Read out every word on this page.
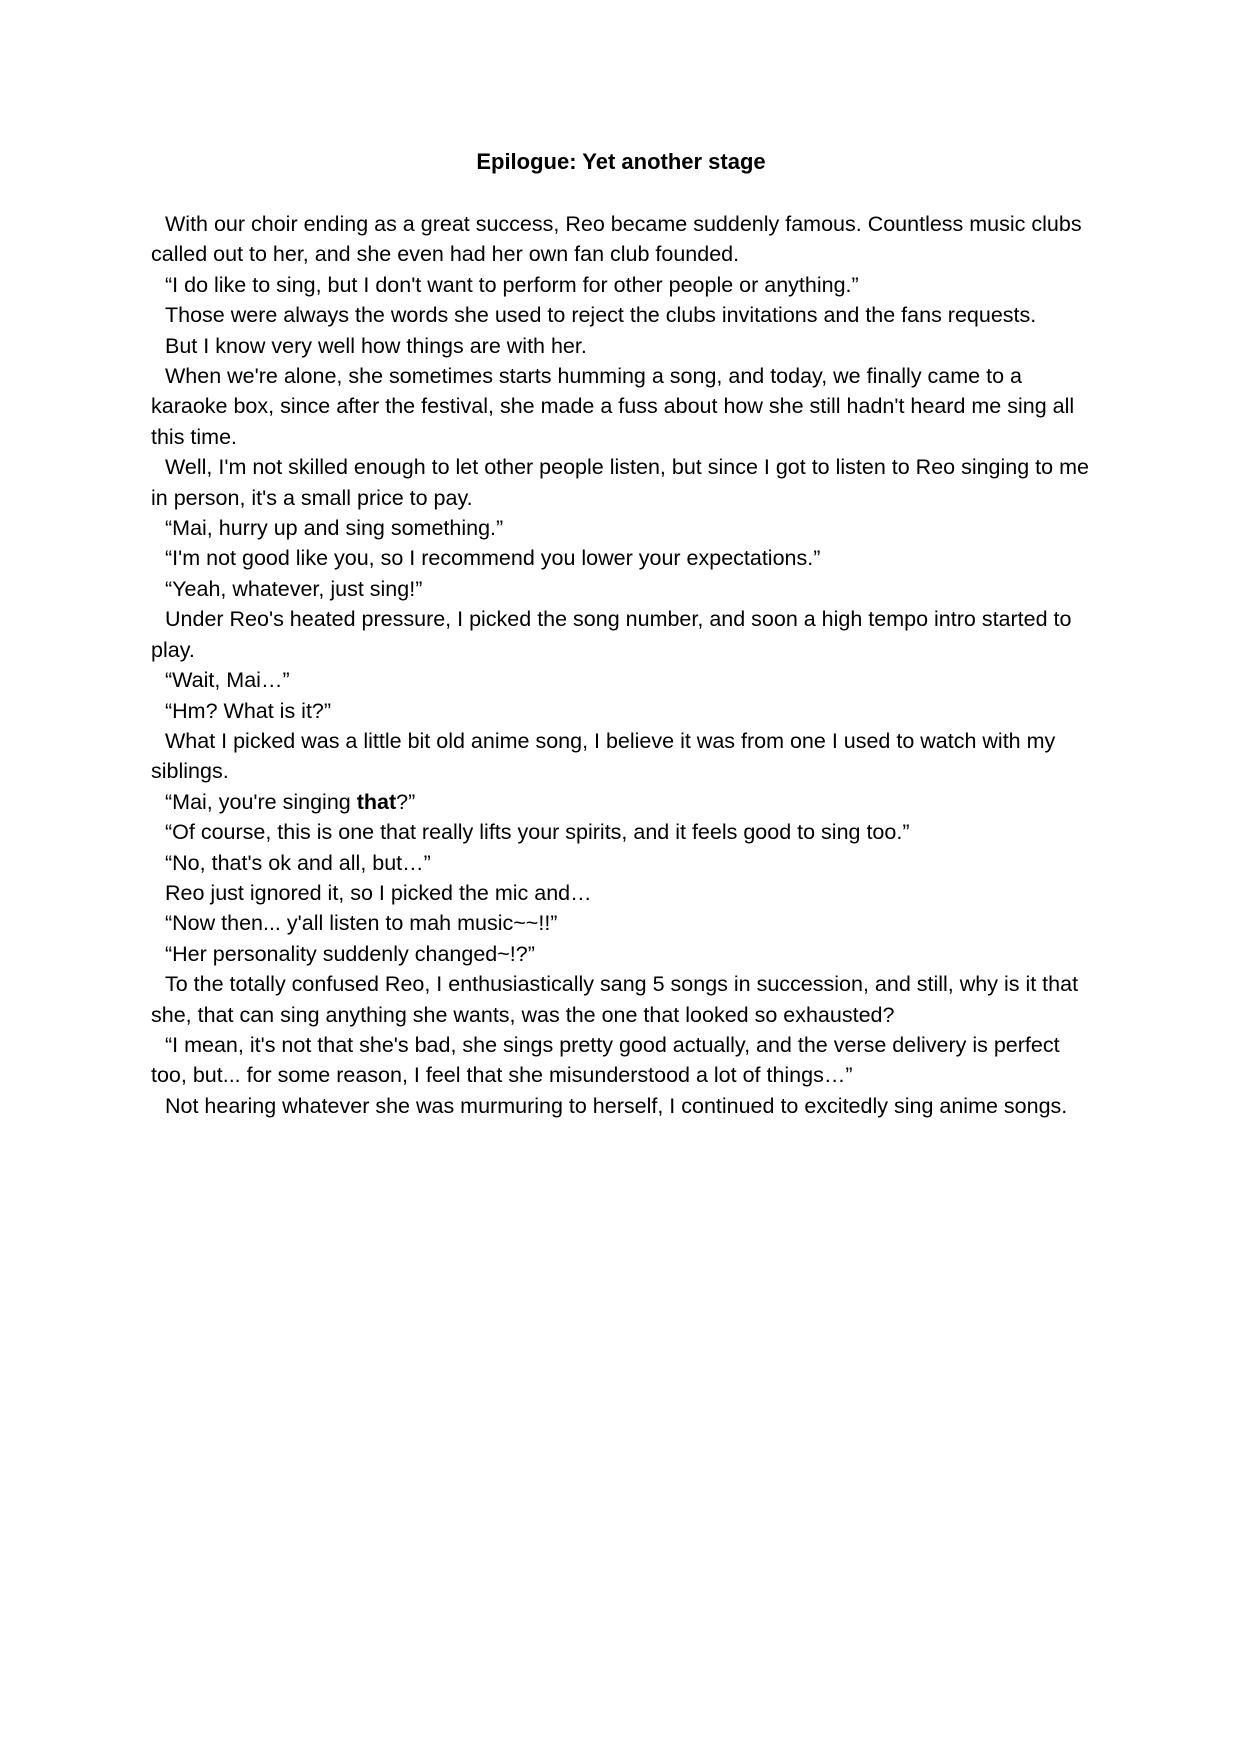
Epilogue: Yet another stage

With our choir ending as a great success, Reo became suddenly famous. Countless music clubs called out to her, and she even had her own fan club founded.

“I do like to sing, but I don't want to perform for other people or anything.”

Those were always the words she used to reject the clubs invitations and the fans requests.

But I know very well how things are with her.

When we're alone, she sometimes starts humming a song, and today, we finally came to a karaoke box, since after the festival, she made a fuss about how she still hadn't heard me sing all this time.

Well, I'm not skilled enough to let other people listen, but since I got to listen to Reo singing to me in person, it's a small price to pay.

“Mai, hurry up and sing something.”

“I'm not good like you, so I recommend you lower your expectations.”

“Yeah, whatever, just sing!”

Under Reo's heated pressure, I picked the song number, and soon a high tempo intro started to play.

“Wait, Mai…”

“Hm? What is it?”

What I picked was a little bit old anime song, I believe it was from one I used to watch with my siblings.

“Mai, you're singing that?”

“Of course, this is one that really lifts your spirits, and it feels good to sing too.”

“No, that's ok and all, but…”

Reo just ignored it, so I picked the mic and…

“Now then... y'all listen to mah music~~!!”

“Her personality suddenly changed~!?”

To the totally confused Reo, I enthusiastically sang 5 songs in succession, and still, why is it that she, that can sing anything she wants, was the one that looked so exhausted?

“I mean, it's not that she's bad, she sings pretty good actually, and the verse delivery is perfect too, but... for some reason, I feel that she misunderstood a lot of things…”

Not hearing whatever she was murmuring to herself, I continued to excitedly sing anime songs.
